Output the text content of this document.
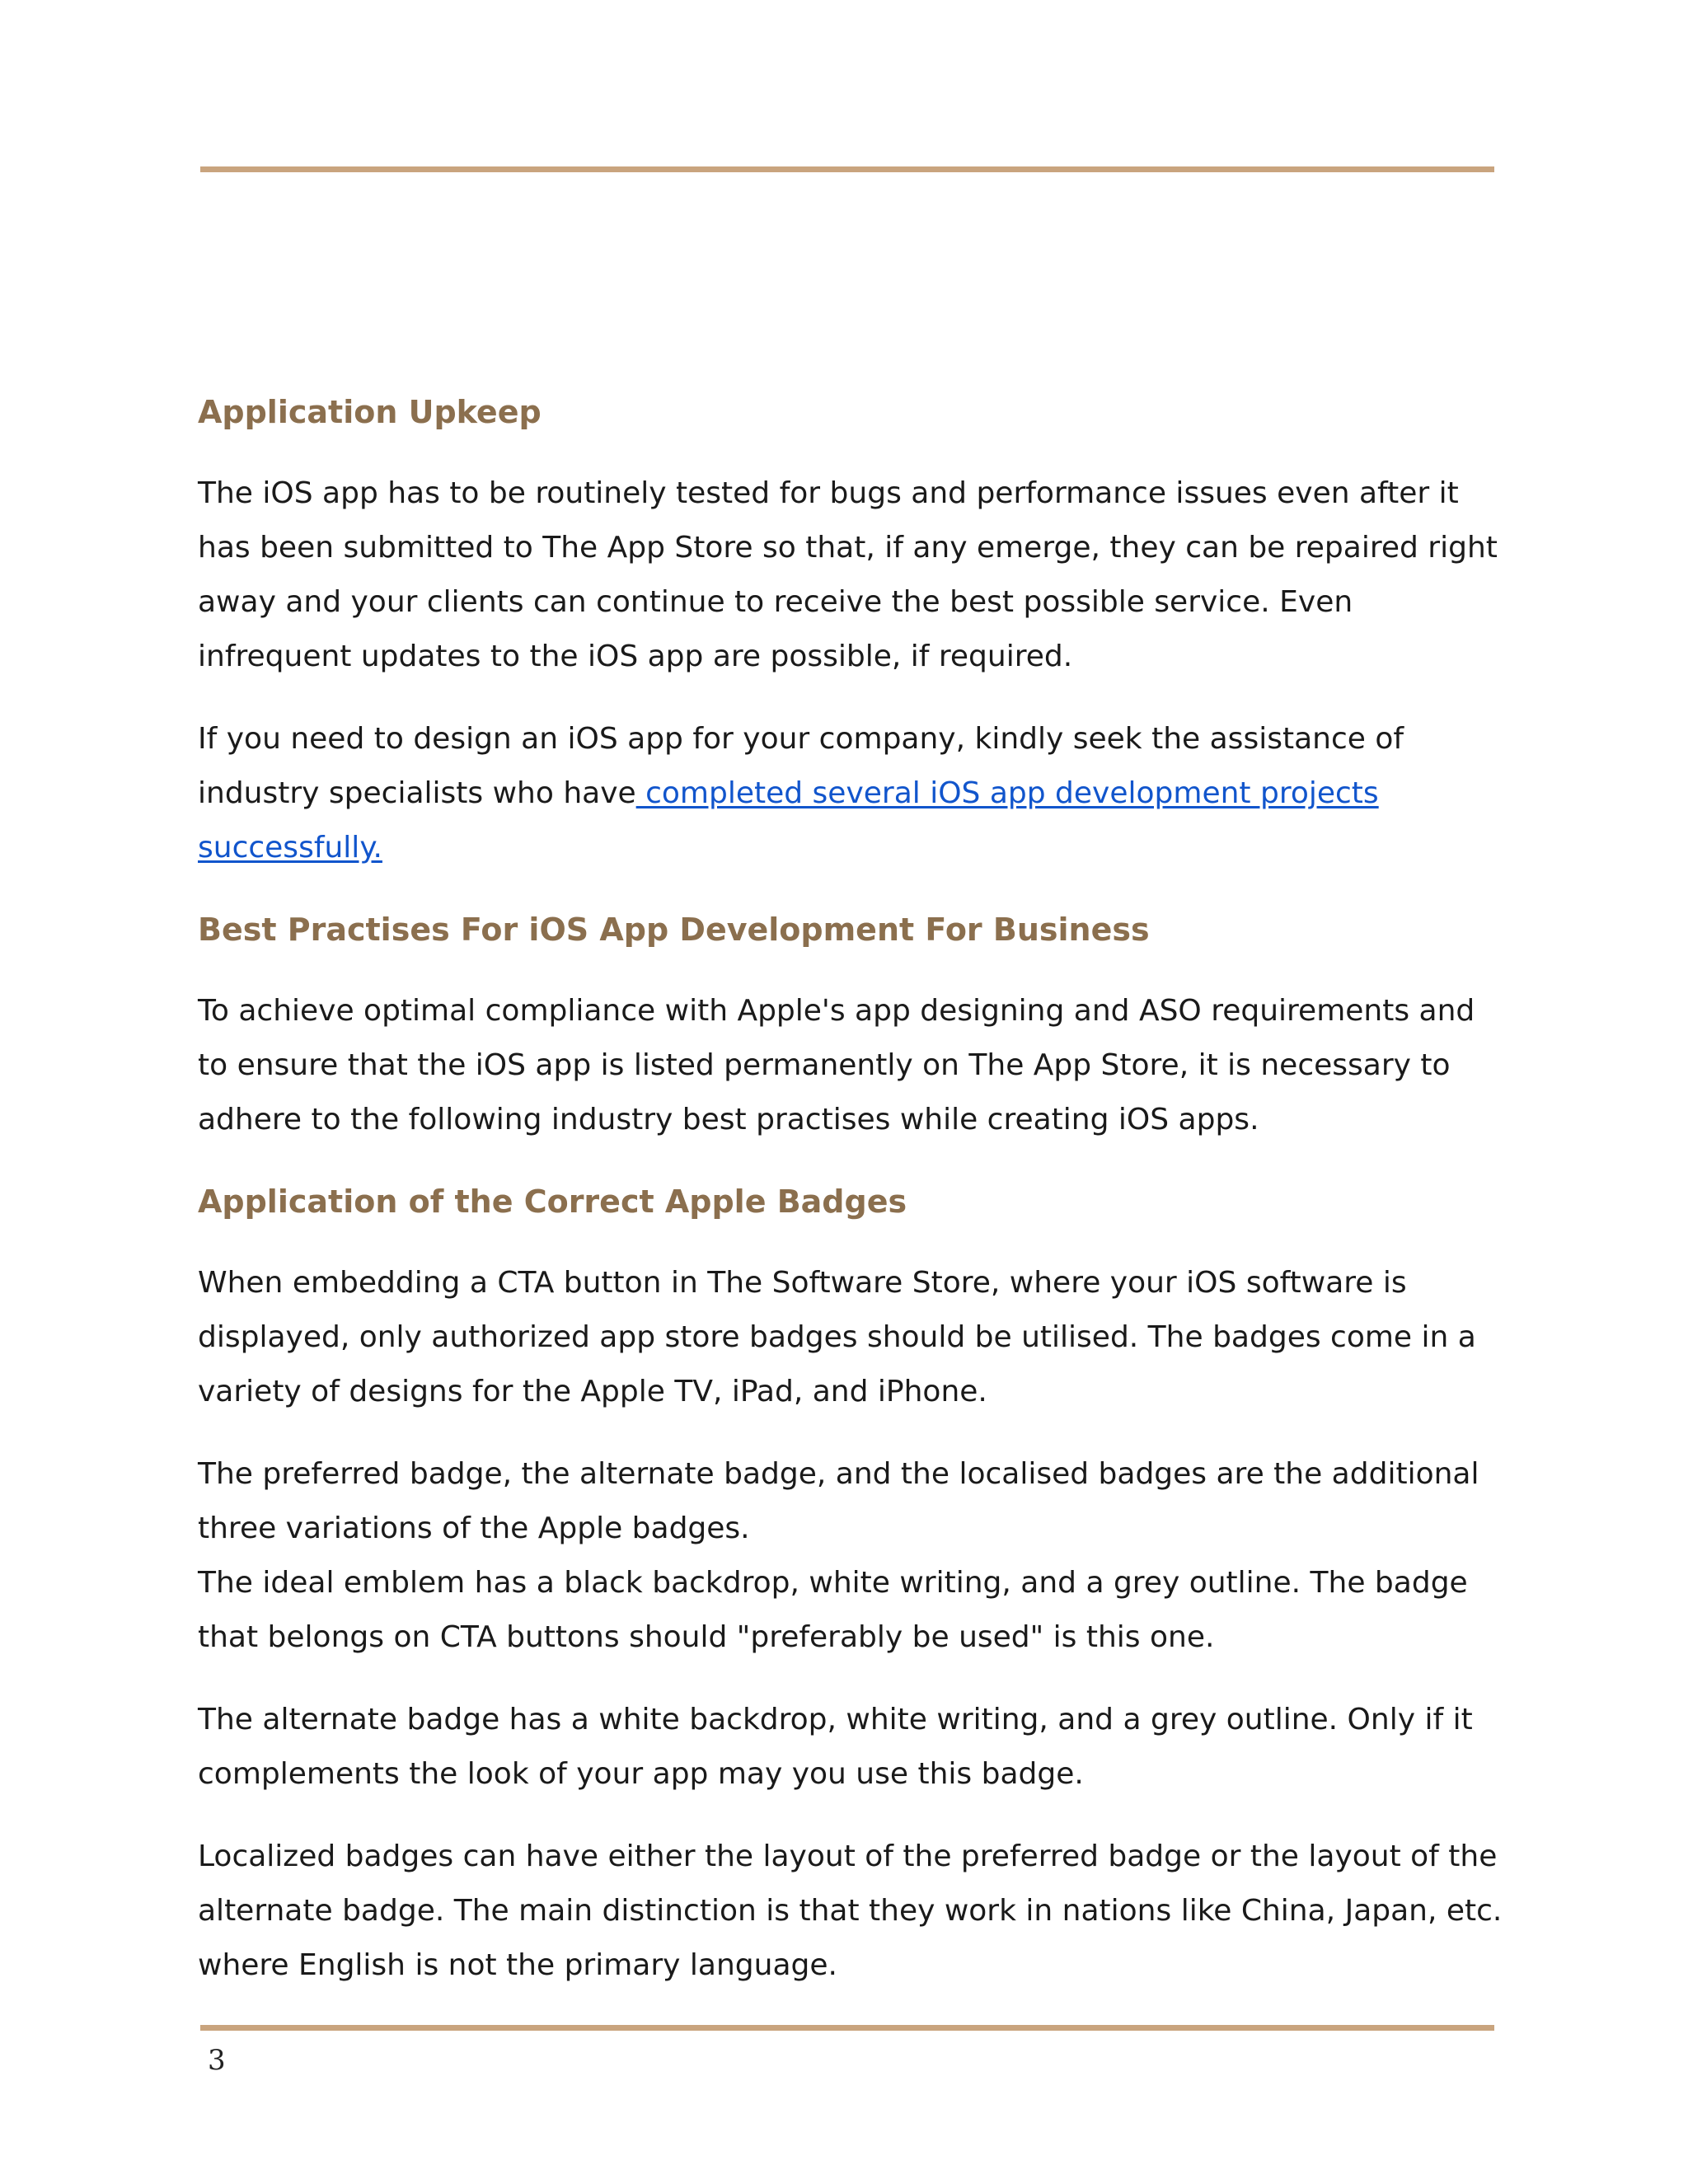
Application Upkeep

The iOS app has to be routinely tested for bugs and performance issues even after it has been submitted to The App Store so that, if any emerge, they can be repaired right away and your clients can continue to receive the best possible service. Even infrequent updates to the iOS app are possible, if required.

If you need to design an iOS app for your company, kindly seek the assistance of industry specialists who have completed several iOS app development projects successfully.

Best Practises For iOS App Development For Business

To achieve optimal compliance with Apple's app designing and ASO requirements and to ensure that the iOS app is listed permanently on The App Store, it is necessary to adhere to the following industry best practises while creating iOS apps.

Application of the Correct Apple Badges

When embedding a CTA button in The Software Store, where your iOS software is displayed, only authorized app store badges should be utilised. The badges come in a variety of designs for the Apple TV, iPad, and iPhone.

The preferred badge, the alternate badge, and the localised badges are the additional three variations of the Apple badges.

The ideal emblem has a black backdrop, white writing, and a grey outline. The badge that belongs on CTA buttons should "preferably be used" is this one.

The alternate badge has a white backdrop, white writing, and a grey outline. Only if it complements the look of your app may you use this badge.

Localized badges can have either the layout of the preferred badge or the layout of the alternate badge. The main distinction is that they work in nations like China, Japan, etc. where English is not the primary language.

3
